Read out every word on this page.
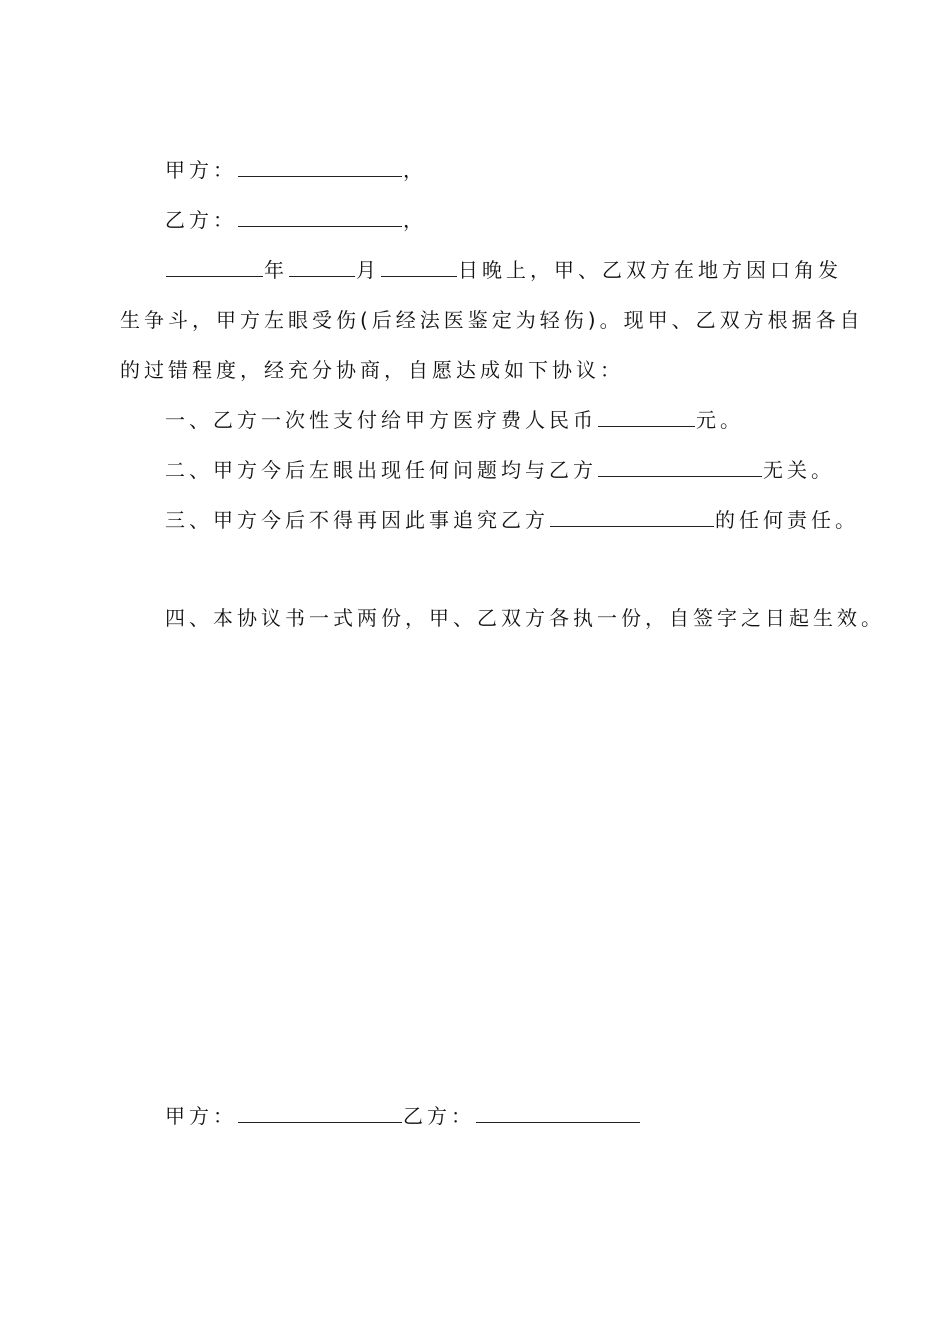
甲方：	，
乙方：	，
年	月	日晚上，甲、乙双方在地方因口角发
生争斗，甲方左眼受伤(后经法医鉴定为轻伤)。现甲、乙双方根据各自
的过错程度，经充分协商，自愿达成如下协议：
一、乙方一次性支付给甲方医疗费人民币	元。
二、甲方今后左眼出现任何问题均与乙方	无关。
三、甲方今后不得再因此事追究乙方	的任何责任。
四、本协议书一式两份，甲、乙双方各执一份，自签字之日起生效。
甲方：	乙方：
